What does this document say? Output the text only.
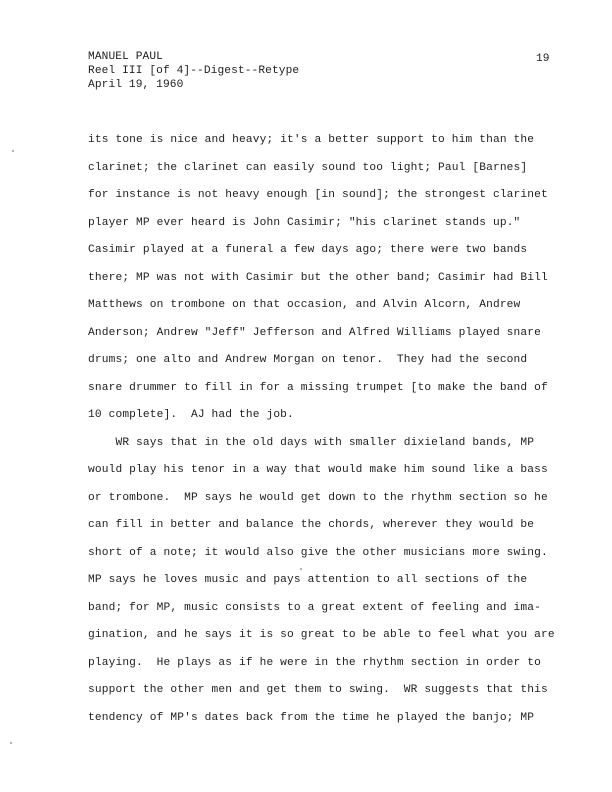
MANUEL PAUL
Reel III [of 4]--Digest--Retype
April 19, 1960
19
its tone is nice and heavy; it's a better support to him than the
clarinet; the clarinet can easily sound too light; Paul [Barnes]
for instance is not heavy enough [in sound]; the strongest clarinet
player MP ever heard is John Casimir; "his clarinet stands up."
Casimir played at a funeral a few days ago; there were two bands
there; MP was not with Casimir but the other band; Casimir had Bill
Matthews on trombone on that occasion, and Alvin Alcorn, Andrew
Anderson; Andrew "Jeff" Jefferson and Alfred Williams played snare
drums; one alto and Andrew Morgan on tenor.  They had the second
snare drummer to fill in for a missing trumpet [to make the band of
10 complete].  AJ had the job.
WR says that in the old days with smaller dixieland bands, MP
would play his tenor in a way that would make him sound like a bass
or trombone.  MP says he would get down to the rhythm section so he
can fill in better and balance the chords, wherever they would be
short of a note; it would also give the other musicians more swing.
MP says he loves music and pays attention to all sections of the
band; for MP, music consists to a great extent of feeling and ima-
gination, and he says it is so great to be able to feel what you are
playing.  He plays as if he were in the rhythm section in order to
support the other men and get them to swing.  WR suggests that this
tendency of MP's dates back from the time he played the banjo; MP
